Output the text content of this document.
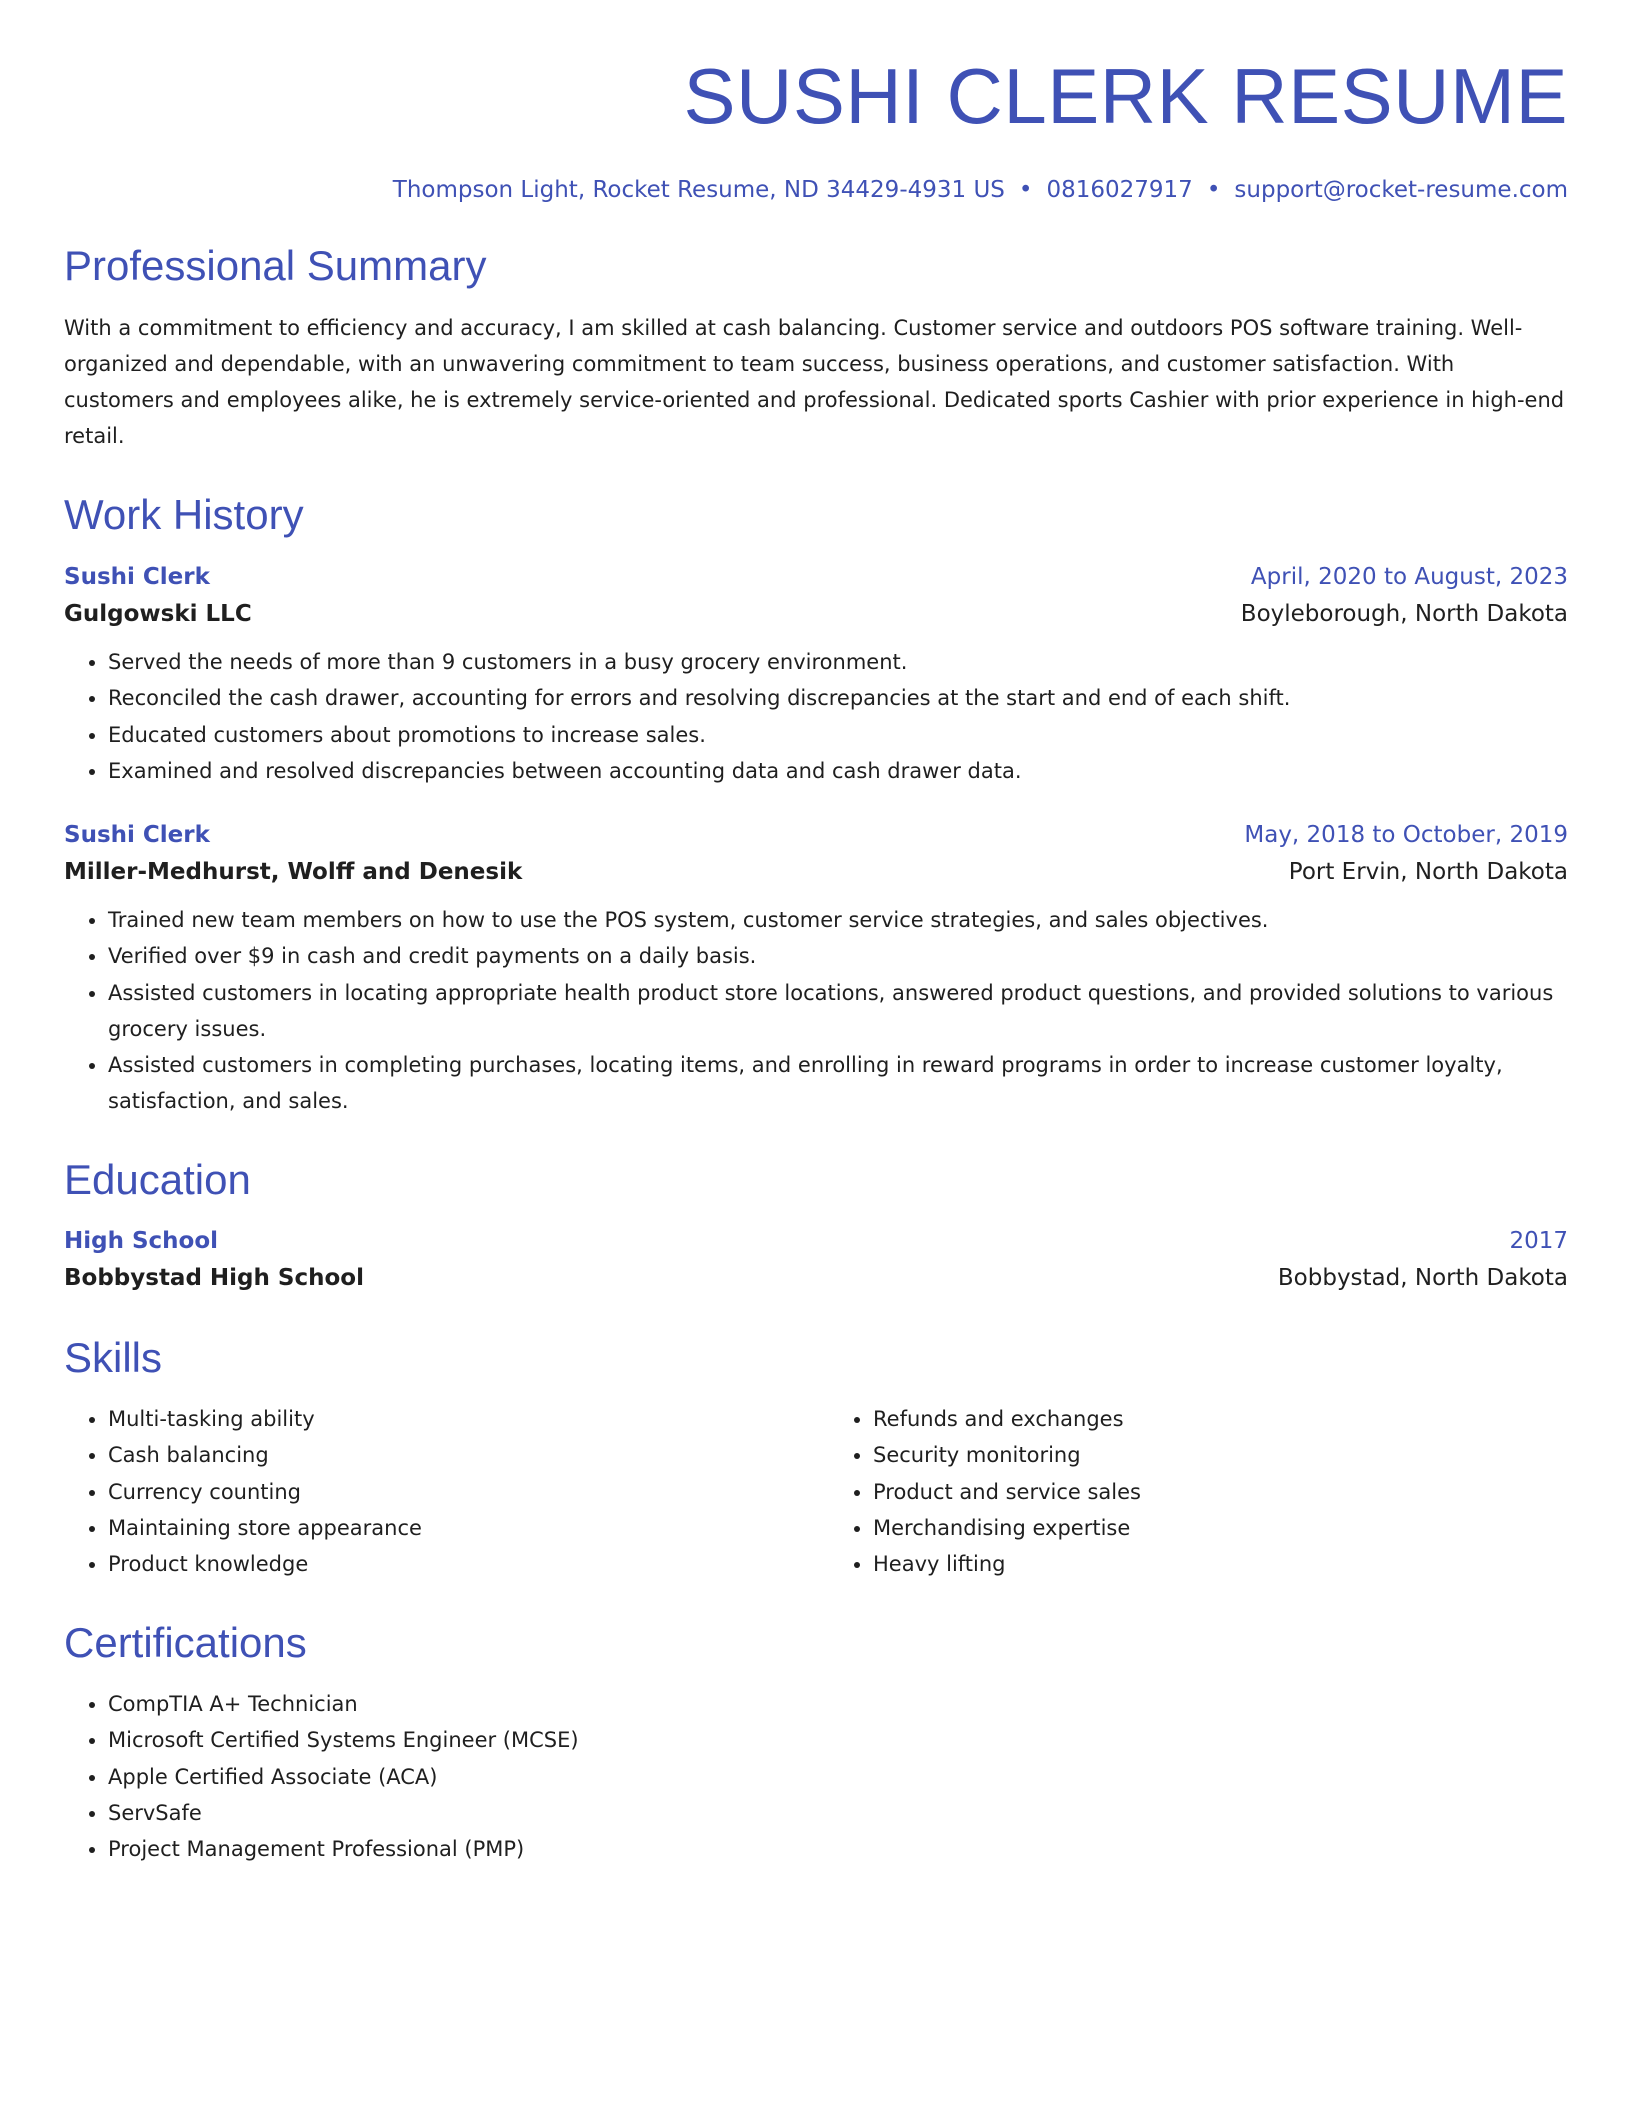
SUSHI CLERK RESUME
Thompson Light, Rocket Resume, ND 34429-4931 US • 0816027917 • support@rocket-resume.com
Professional Summary

With a commitment to efficiency and accuracy, I am skilled at cash balancing. Customer service and outdoors POS software training. Well-organized and dependable, with an unwavering commitment to team success, business operations, and customer satisfaction. With customers and employees alike, he is extremely service-oriented and professional. Dedicated sports Cashier with prior experience in high-end retail.

Work History
Sushi Clerk	April, 2020 to August, 2023
Gulgowski LLC	Boyleborough, North Dakota
• Served the needs of more than 9 customers in a busy grocery environment.
• Reconciled the cash drawer, accounting for errors and resolving discrepancies at the start and end of each shift.
• Educated customers about promotions to increase sales.
• Examined and resolved discrepancies between accounting data and cash drawer data.
Sushi Clerk	May, 2018 to October, 2019
Miller-Medhurst, Wolff and Denesik	Port Ervin, North Dakota
• Trained new team members on how to use the POS system, customer service strategies, and sales objectives.
• Verified over $9 in cash and credit payments on a daily basis.
• Assisted customers in locating appropriate health product store locations, answered product questions, and provided solutions to various grocery issues.
• Assisted customers in completing purchases, locating items, and enrolling in reward programs in order to increase customer loyalty, satisfaction, and sales.
Education
High School	2017
Bobbystad High School	Bobbystad, North Dakota
Skills
• Multi-tasking ability
• Cash balancing
• Currency counting
• Maintaining store appearance
• Product knowledge
• Refunds and exchanges
• Security monitoring
• Product and service sales
• Merchandising expertise
• Heavy lifting
Certifications
• CompTIA A+ Technician
• Microsoft Certified Systems Engineer (MCSE)
• Apple Certified Associate (ACA)
• ServSafe
• Project Management Professional (PMP)
